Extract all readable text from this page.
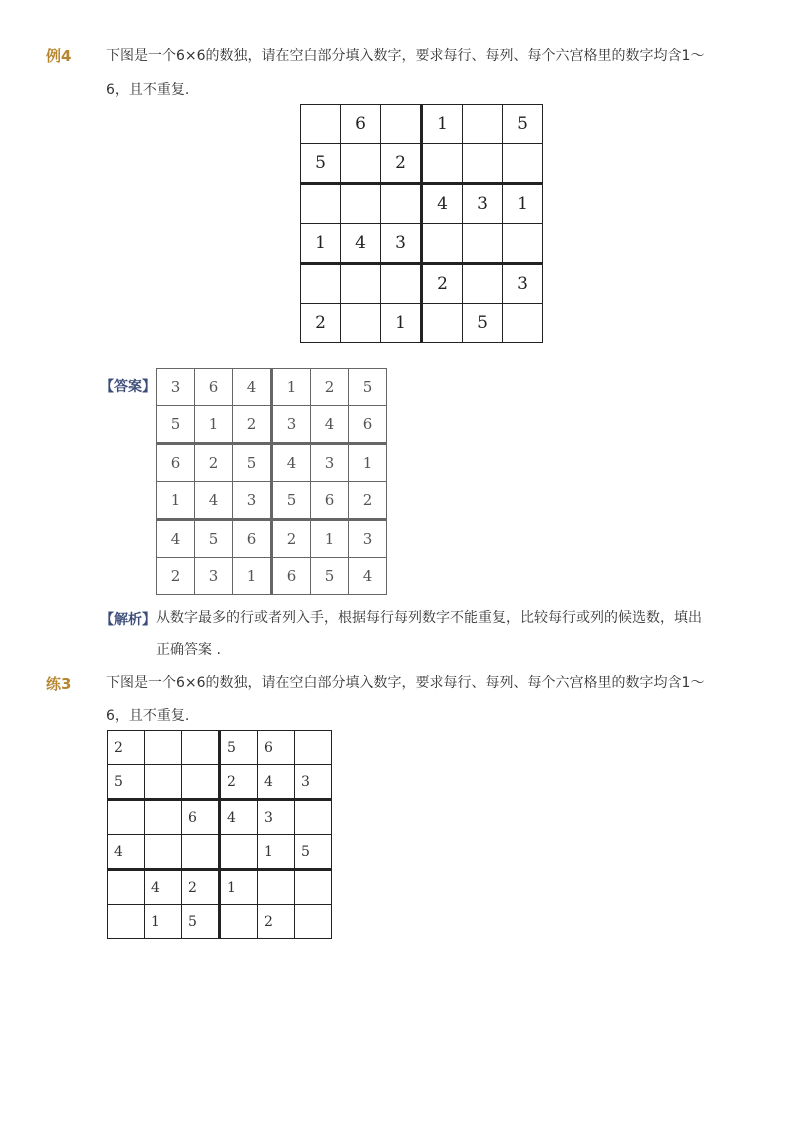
例4 下图是一个6×6的数独，请在空白部分填入数字，要求每行、每列、每个六宫格里的数字均含1～
6，且不重复.
	6		1		5
5		2			
			4	3	1
1	4	3			
			2		3
2		1		5	
【答案】 3	6	4	1	2	5
5	1	2	3	4	6
6	2	5	4	3	1
1	4	3	5	6	2
4	5	6	2	1	3
2	3	1	6	5	4
【解析】 从数字最多的行或者列入手，根据每行每列数字不能重复，比较每行或列的候选数，填出
正确答案 .
练3 下图是一个6×6的数独，请在空白部分填入数字，要求每行、每列、每个六宫格里的数字均含1～
6，且不重复.
2			5	6	
5			2	4	3
		6	4	3	
4				1	5
	4	2	1		
	1	5		2	
